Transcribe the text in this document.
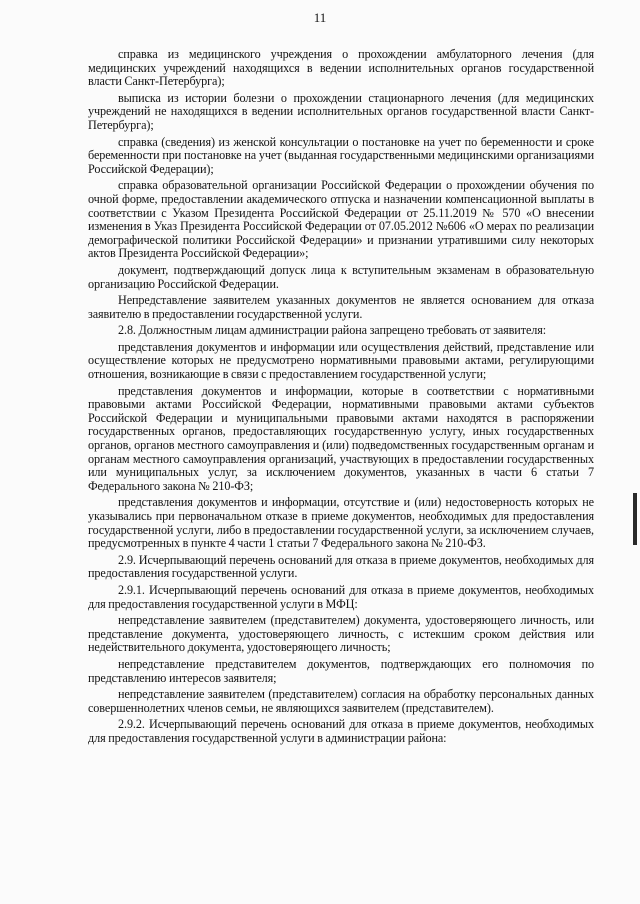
11

справка из медицинского учреждения о прохождении амбулаторного лечения (для медицинских учреждений находящихся в ведении исполнительных органов государственной власти Санкт-Петербурга);

выписка из истории болезни о прохождении стационарного лечения (для медицинских учреждений не находящихся в ведении исполнительных органов государственной власти Санкт-Петербурга);

справка (сведения) из женской консультации о постановке на учет по беременности и сроке беременности при постановке на учет (выданная государственными медицинскими организациями Российской Федерации);

справка образовательной организации Российской Федерации о прохождении обучения по очной форме, предоставлении академического отпуска и назначении компенсационной выплаты в соответствии с Указом Президента Российской Федерации от 25.11.2019 № 570 «О внесении изменения в Указ Президента Российской Федерации от 07.05.2012 №606 «О мерах по реализации демографической политики Российской Федерации» и признании утратившими силу некоторых актов Президента Российской Федерации»;

документ, подтверждающий допуск лица к вступительным экзаменам в образовательную организацию Российской Федерации.

Непредставление заявителем указанных документов не является основанием для отказа заявителю в предоставлении государственной услуги.

2.8. Должностным лицам администрации района запрещено требовать от заявителя:

представления документов и информации или осуществления действий, представление или осуществление которых не предусмотрено нормативными правовыми актами, регулирующими отношения, возникающие в связи с предоставлением государственной услуги;

представления документов и информации, которые в соответствии с нормативными правовыми актами Российской Федерации, нормативными правовыми актами субъектов Российской Федерации и муниципальными правовыми актами находятся в распоряжении государственных органов, предоставляющих государственную услугу, иных государственных органов, органов местного самоуправления и (или) подведомственных государственным органам и органам местного самоуправления организаций, участвующих в предоставлении государственных или муниципальных услуг, за исключением документов, указанных в части 6 статьи 7 Федерального закона № 210-ФЗ;

представления документов и информации, отсутствие и (или) недостоверность которых не указывались при первоначальном отказе в приеме документов, необходимых для предоставления государственной услуги, либо в предоставлении государственной услуги, за исключением случаев, предусмотренных в пункте 4 части 1 статьи 7 Федерального закона № 210-ФЗ.

2.9. Исчерпывающий перечень оснований для отказа в приеме документов, необходимых для предоставления государственной услуги.

2.9.1. Исчерпывающий перечень оснований для отказа в приеме документов, необходимых для предоставления государственной услуги в МФЦ:

непредставление заявителем (представителем) документа, удостоверяющего личность, или представление документа, удостоверяющего личность, с истекшим сроком действия или недействительного документа, удостоверяющего личность;

непредставление представителем документов, подтверждающих его полномочия по представлению интересов заявителя;

непредставление заявителем (представителем) согласия на обработку персональных данных совершеннолетних членов семьи, не являющихся заявителем (представителем).

2.9.2. Исчерпывающий перечень оснований для отказа в приеме документов, необходимых для предоставления государственной услуги в администрации района:
